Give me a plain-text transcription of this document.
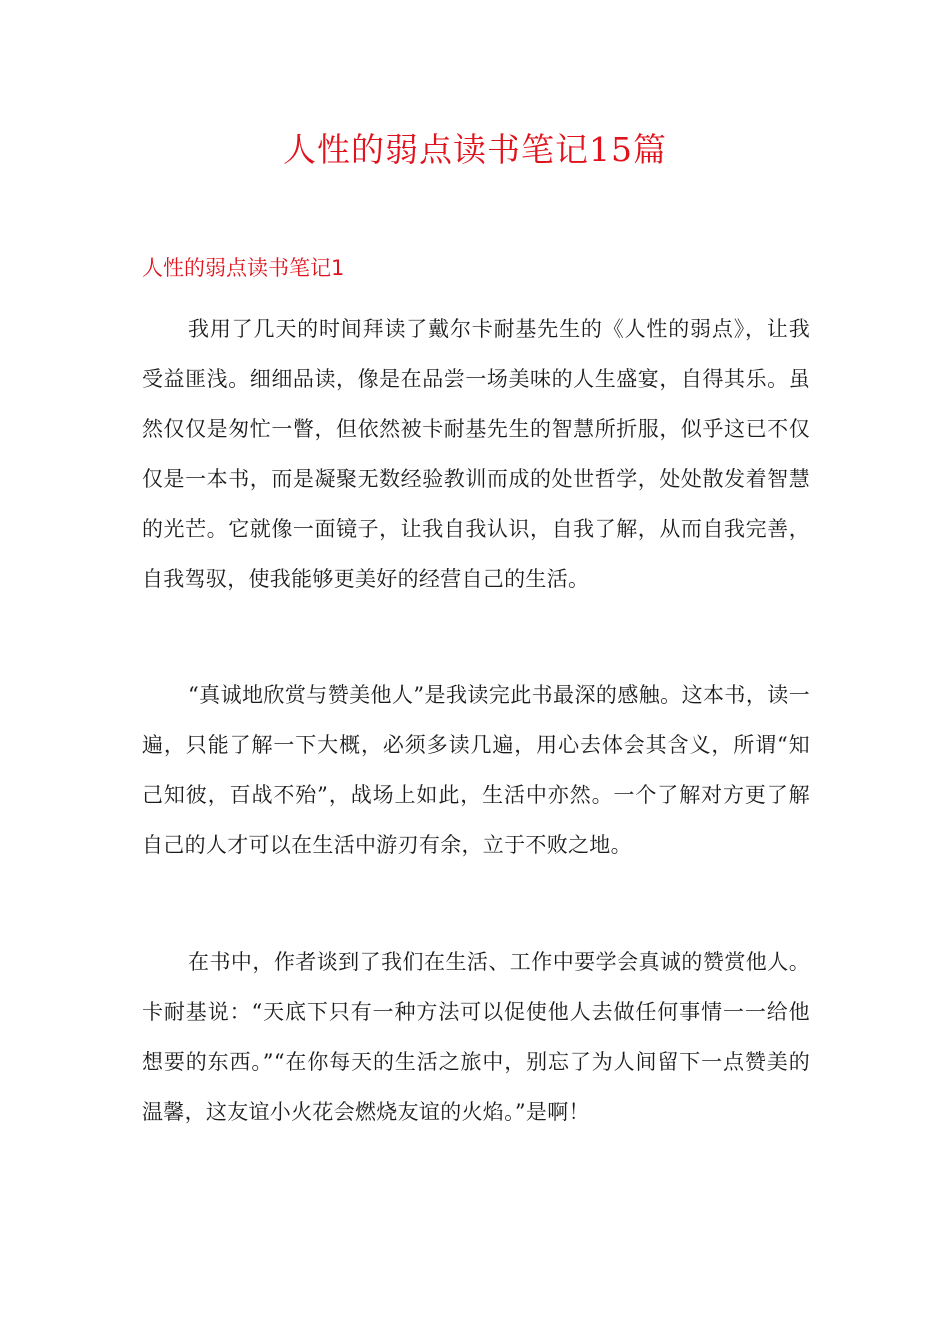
人性的弱点读书笔记15篇
人性的弱点读书笔记1

我用了几天的时间拜读了戴尔卡耐基先生的《人性的弱点》，让我受益匪浅。细细品读，像是在品尝一场美味的人生盛宴，自得其乐。虽然仅仅是匆忙一瞥，但依然被卡耐基先生的智慧所折服，似乎这已不仅仅是一本书，而是凝聚无数经验教训而成的处世哲学，处处散发着智慧的光芒。它就像一面镜子，让我自我认识，自我了解，从而自我完善，自我驾驭，使我能够更美好的经营自己的生活。

“真诚地欣赏与赞美他人”是我读完此书最深的感触。这本书，读一遍，只能了解一下大概，必须多读几遍，用心去体会其含义，所谓“知己知彼，百战不殆”，战场上如此，生活中亦然。一个了解对方更了解自己的人才可以在生活中游刃有余，立于不败之地。

在书中，作者谈到了我们在生活、工作中要学会真诚的赞赏他人。卡耐基说：“天底下只有一种方法可以促使他人去做任何事情一一给他想要的东西。”“在你每天的生活之旅中，别忘了为人间留下一点赞美的温馨，这友谊小火花会燃烧友谊的火焰。”是啊！
